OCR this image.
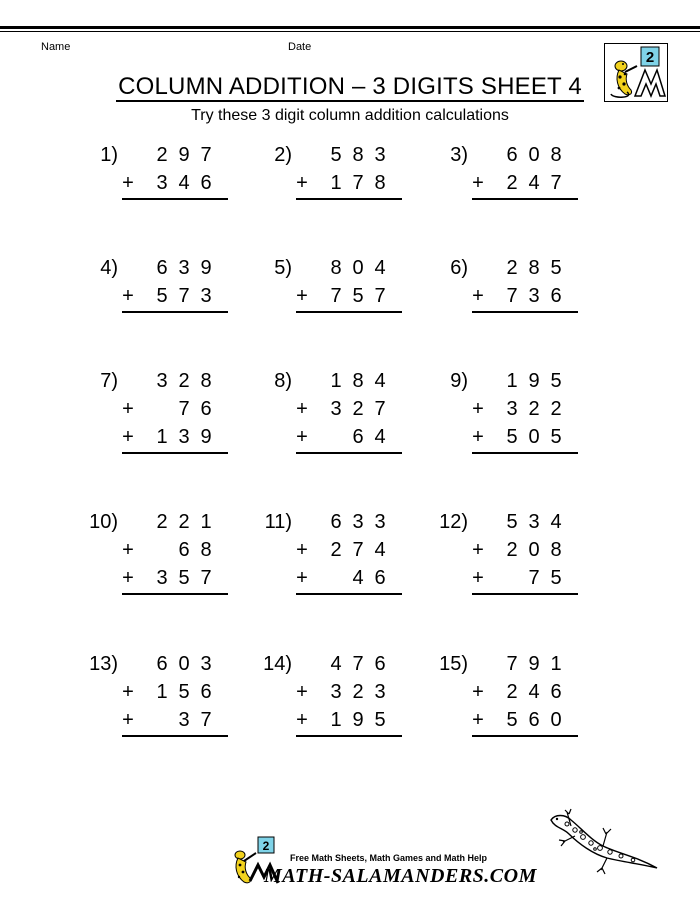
Name	Date
2
COLUMN ADDITION – 3 DIGITS SHEET 4
Try these 3 digit column addition calculations
1) 2 9 7
+ 3 4 6
2) 5 8 3
+ 1 7 8
3) 6 0 8
+ 2 4 7
4) 6 3 9
+ 5 7 3
5) 8 0 4
+ 7 5 7
6) 2 8 5
+ 7 3 6
7) 3 2 8
+ 7 6
+ 1 3 9
8) 1 8 4
+ 3 2 7
+ 6 4
9) 1 9 5
+ 3 2 2
+ 5 0 5
10) 2 2 1
+ 6 8
+ 3 5 7
11) 6 3 3
+ 2 7 4
+ 4 6
12) 5 3 4
+ 2 0 8
+ 7 5
13) 6 0 3
+ 1 5 6
+ 3 7
14) 4 7 6
+ 3 2 3
+ 1 9 5
15) 7 9 1
+ 2 4 6
+ 5 6 0
2
Free Math Sheets, Math Games and Math Help
MATH-SALAMANDERS.COM
